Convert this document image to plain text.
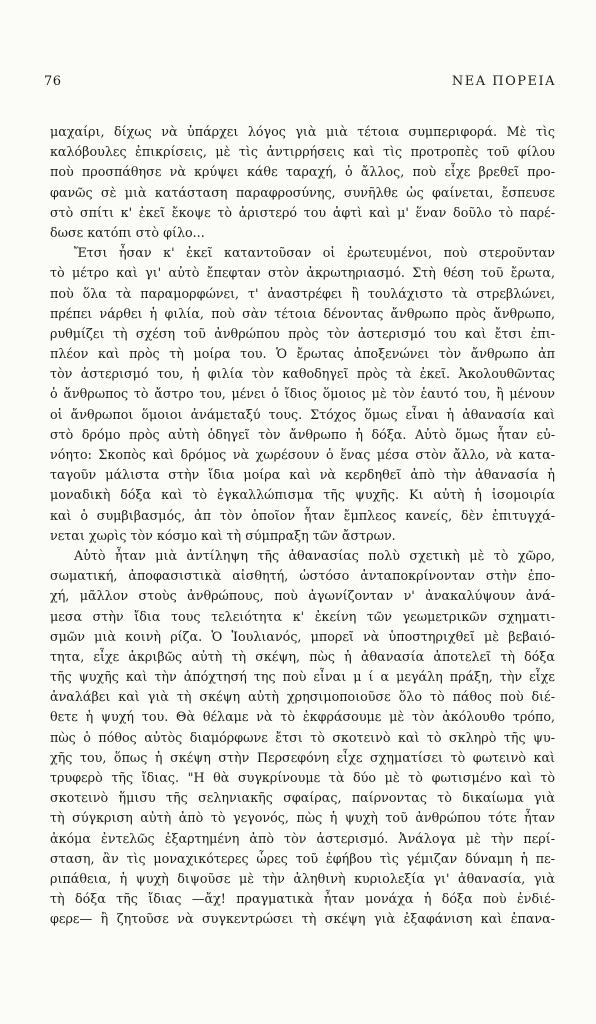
76	ΝΕΑ ΠΟΡΕΙΑ
μαχαίρι, δίχως νὰ ὑπάρχει λόγος γιὰ μιὰ τέτοια συμπεριφορά. Μὲ τὶς
καλόβουλες ἐπικρίσεις, μὲ τὶς ἀντιρρήσεις καὶ τὶς προτροπὲς τοῦ φίλου
ποὺ προσπάθησε νὰ κρύψει κάθε ταραχή, ὁ ἄλλος, ποὺ εἶχε βρεθεῖ προ-
φανῶς σὲ μιὰ κατάσταση παραφροσύνης, συνῆλθε ὡς φαίνεται, ἔσπευσε
στὸ σπίτι κ' ἐκεῖ ἔκοψε τὸ ἀριστερό του ἀφτὶ καὶ μ' ἕναν δοῦλο τὸ παρέ-
δωσε κατόπι στὸ φίλο...
Ἔτσι ἦσαν κ' ἐκεῖ καταντοῦσαν οἱ ἐρωτευμένοι, ποὺ στεροῦνταν
τὸ μέτρο καὶ γι' αὐτὸ ἔπεφταν στὸν ἀκρωτηριασμό. Στὴ θέση τοῦ ἔρωτα,
ποὺ ὅλα τὰ παραμορφώνει, τ' ἀναστρέφει ἢ τουλάχιστο τὰ στρεβλώνει,
πρέπει νάρθει ἡ φιλία, ποὺ σὰν τέτοια δένοντας ἄνθρωπο πρὸς ἄνθρωπο,
ρυθμίζει τὴ σχέση τοῦ ἀνθρώπου πρὸς τὸν ἀστερισμό του καὶ ἔτσι ἐπι-
πλέον καὶ πρὸς τὴ μοίρα του. Ὁ ἔρωτας ἀποξενώνει τὸν ἄνθρωπο ἀπ
τὸν ἀστερισμό του, ἡ φιλία τὸν καθοδηγεῖ πρὸς τὰ ἐκεῖ. Ἀκολουθῶντας
ὁ ἄνθρωπος τὸ ἄστρο του, μένει ὁ ἴδιος ὅμοιος μὲ τὸν ἑαυτό του, ἢ μένουν
οἱ ἄνθρωποι ὅμοιοι ἀνάμεταξύ τους. Στόχος ὅμως εἶναι ἡ ἀθανασία καὶ
στὸ δρόμο πρὸς αὐτὴ ὁδηγεῖ τὸν ἄνθρωπο ἡ δόξα. Αὐτὸ ὅμως ἦταν εὐ-
νόητο: Σκοπὸς καὶ δρόμος νὰ χωρέσουν ὁ ἕνας μέσα στὸν ἄλλο, νὰ κατα-
ταγοῦν μάλιστα στὴν ἴδια μοίρα καὶ νὰ κερδηθεῖ ἀπὸ τὴν ἀθανασία ἡ
μοναδικὴ δόξα καὶ τὸ ἐγκαλλώπισμα τῆς ψυχῆς. Κι αὐτὴ ἡ ἰσομοιρία
καὶ ὁ συμβιβασμός, ἀπ τὸν ὁποῖον ἦταν ἔμπλεος κανείς, δὲν ἐπιτυγχά-
νεται χωρὶς τὸν κόσμο καὶ τὴ σύμπραξη τῶν ἄστρων.
Αὐτὸ ἦταν μιὰ ἀντίληψη τῆς ἀθανασίας πολὺ σχετικὴ μὲ τὸ χῶρο,
σωματική, ἀποφασιστικὰ αἰσθητή, ὡστόσο ἀνταποκρίνονταν στὴν ἐπο-
χή, μᾶλλον στοὺς ἀνθρώπους, ποὺ ἀγωνίζονταν ν' ἀνακαλύψουν ἀνά-
μεσα στὴν ἴδια τους τελειότητα κ' ἐκείνη τῶν γεωμετρικῶν σχηματι-
σμῶν μιὰ κοινὴ ρίζα. Ὁ Ἰουλιανός, μπορεῖ νὰ ὑποστηριχθεῖ μὲ βεβαιό-
τητα, εἶχε ἀκριβῶς αὐτὴ τὴ σκέψη, πὼς ἡ ἀθανασία ἀποτελεῖ τὴ δόξα
τῆς ψυχῆς καὶ τὴν ἀπόχτησή της ποὺ εἶναι μ ί α μεγάλη πράξη, τὴν εἶχε
ἀναλάβει καὶ γιὰ τὴ σκέψη αὐτὴ χρησιμοποιοῦσε ὅλο τὸ πάθος ποὺ διέ-
θετε ἡ ψυχή του. Θὰ θέλαμε νὰ τὸ ἐκφράσουμε μὲ τὸν ἀκόλουθο τρόπο,
πὼς ὁ πόθος αὐτὸς διαμόρφωνε ἔτσι τὸ σκοτεινὸ καὶ τὸ σκληρὸ τῆς ψυ-
χῆς του, ὅπως ἡ σκέψη στὴν Περσεφόνη εἶχε σχηματίσει τὸ φωτεινὸ καὶ
τρυφερὸ τῆς ἴδιας. "Η θὰ συγκρίνουμε τὰ δύο μὲ τὸ φωτισμένο καὶ τὸ
σκοτεινὸ ἥμισυ τῆς σεληνιακῆς σφαίρας, παίρνοντας τὸ δικαίωμα γιὰ
τὴ σύγκριση αὐτὴ ἀπὸ τὸ γεγονός, πὼς ἡ ψυχὴ τοῦ ἀνθρώπου τότε ἦταν
ἀκόμα ἐντελῶς ἐξαρτημένη ἀπὸ τὸν ἀστερισμό. Ἀνάλογα μὲ τὴν περί-
σταση, ἂν τὶς μοναχικότερες ὧρες τοῦ ἐφήβου τὶς γέμιζαν δύναμη ἡ πε-
ριπάθεια, ἡ ψυχὴ διψοῦσε μὲ τὴν ἀληθινὴ κυριολεξία γι' ἀθανασία, γιὰ
τὴ δόξα τῆς ἴδιας —ἄχ! πραγματικὰ ἦταν μονάχα ἡ δόξα ποὺ ἐνδιέ-
φερε— ἢ ζητοῦσε νὰ συγκεντρώσει τὴ σκέψη γιὰ ἐξαφάνιση καὶ ἐπανα-
